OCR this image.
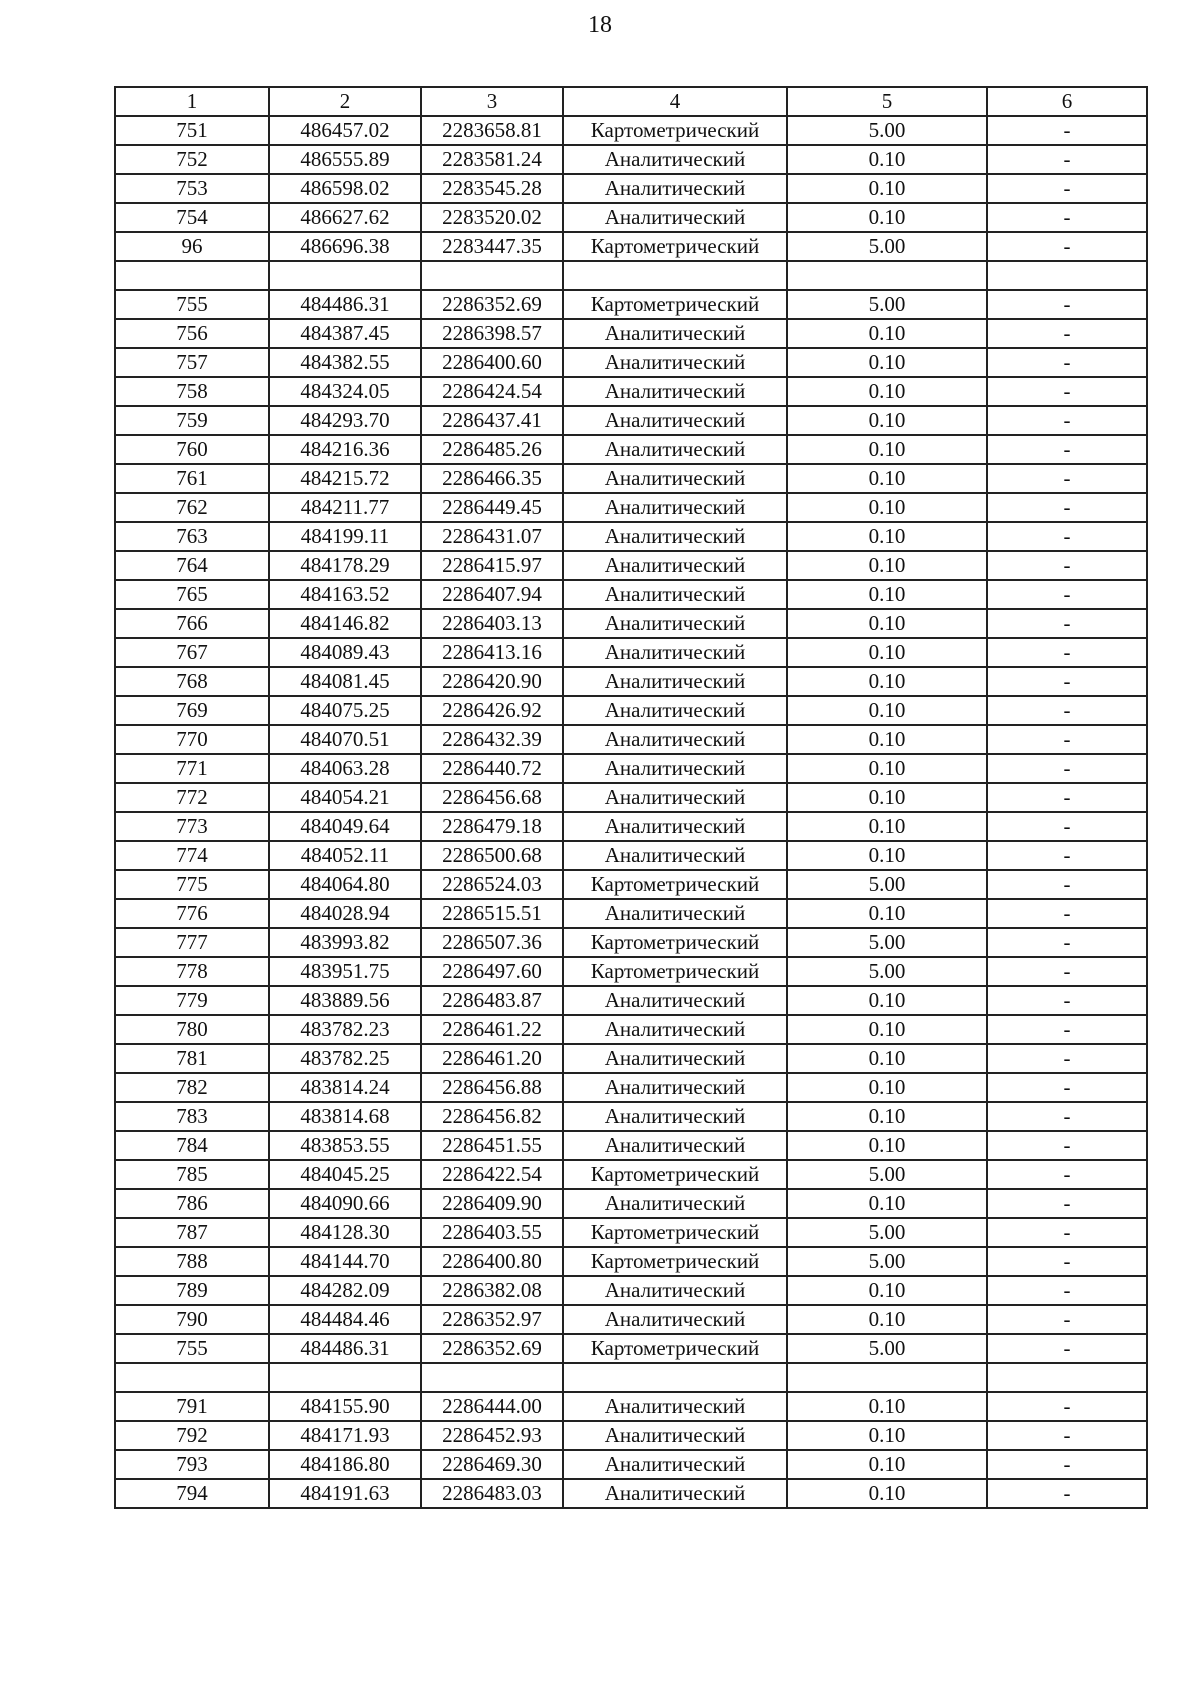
18
1	2	3	4	5	6
751	486457.02	2283658.81	Картометрический	5.00	-
752	486555.89	2283581.24	Аналитический	0.10	-
753	486598.02	2283545.28	Аналитический	0.10	-
754	486627.62	2283520.02	Аналитический	0.10	-
96	486696.38	2283447.35	Картометрический	5.00	-

755	484486.31	2286352.69	Картометрический	5.00	-
756	484387.45	2286398.57	Аналитический	0.10	-
757	484382.55	2286400.60	Аналитический	0.10	-
758	484324.05	2286424.54	Аналитический	0.10	-
759	484293.70	2286437.41	Аналитический	0.10	-
760	484216.36	2286485.26	Аналитический	0.10	-
761	484215.72	2286466.35	Аналитический	0.10	-
762	484211.77	2286449.45	Аналитический	0.10	-
763	484199.11	2286431.07	Аналитический	0.10	-
764	484178.29	2286415.97	Аналитический	0.10	-
765	484163.52	2286407.94	Аналитический	0.10	-
766	484146.82	2286403.13	Аналитический	0.10	-
767	484089.43	2286413.16	Аналитический	0.10	-
768	484081.45	2286420.90	Аналитический	0.10	-
769	484075.25	2286426.92	Аналитический	0.10	-
770	484070.51	2286432.39	Аналитический	0.10	-
771	484063.28	2286440.72	Аналитический	0.10	-
772	484054.21	2286456.68	Аналитический	0.10	-
773	484049.64	2286479.18	Аналитический	0.10	-
774	484052.11	2286500.68	Аналитический	0.10	-
775	484064.80	2286524.03	Картометрический	5.00	-
776	484028.94	2286515.51	Аналитический	0.10	-
777	483993.82	2286507.36	Картометрический	5.00	-
778	483951.75	2286497.60	Картометрический	5.00	-
779	483889.56	2286483.87	Аналитический	0.10	-
780	483782.23	2286461.22	Аналитический	0.10	-
781	483782.25	2286461.20	Аналитический	0.10	-
782	483814.24	2286456.88	Аналитический	0.10	-
783	483814.68	2286456.82	Аналитический	0.10	-
784	483853.55	2286451.55	Аналитический	0.10	-
785	484045.25	2286422.54	Картометрический	5.00	-
786	484090.66	2286409.90	Аналитический	0.10	-
787	484128.30	2286403.55	Картометрический	5.00	-
788	484144.70	2286400.80	Картометрический	5.00	-
789	484282.09	2286382.08	Аналитический	0.10	-
790	484484.46	2286352.97	Аналитический	0.10	-
755	484486.31	2286352.69	Картометрический	5.00	-

791	484155.90	2286444.00	Аналитический	0.10	-
792	484171.93	2286452.93	Аналитический	0.10	-
793	484186.80	2286469.30	Аналитический	0.10	-
794	484191.63	2286483.03	Аналитический	0.10	-
